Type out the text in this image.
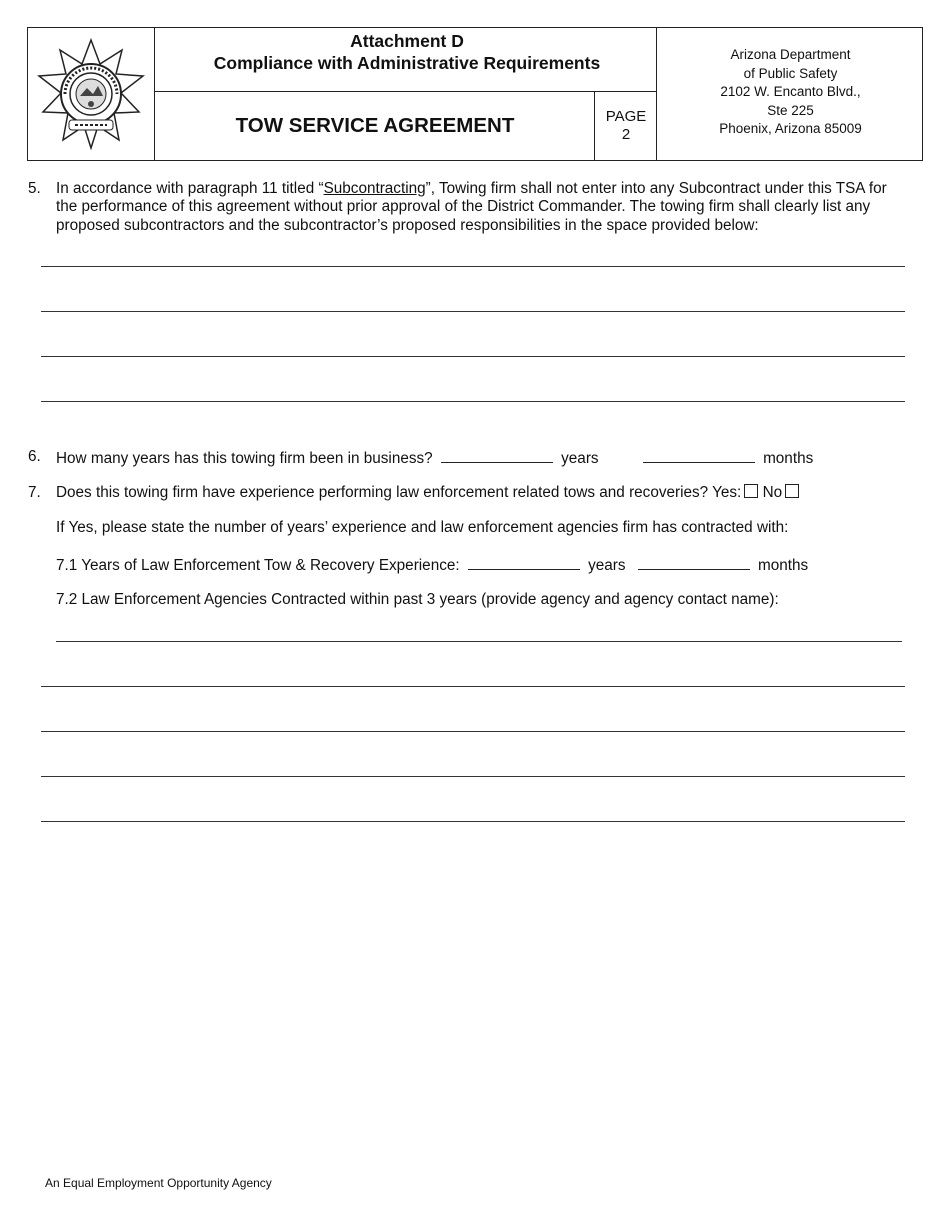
Attachment D
Compliance with Administrative Requirements
TOW SERVICE AGREEMENT	PAGE
2
Arizona Department
of Public Safety
2102 W. Encanto Blvd.,
Ste 225
Phoenix, Arizona 85009
5. In accordance with paragraph 11 titled “Subcontracting”, Towing firm shall not enter into any Subcontract under this TSA for the performance of this agreement without prior approval of the District Commander. The towing firm shall clearly list any proposed subcontractors and the subcontractor’s proposed responsibilities in the space provided below:
6. How many years has this towing firm been in business?	years	months
7. Does this towing firm have experience performing law enforcement related tows and recoveries? Yes: No
If Yes, please state the number of years’ experience and law enforcement agencies firm has contracted with:
7.1 Years of Law Enforcement Tow & Recovery Experience:	years	months
7.2 Law Enforcement Agencies Contracted within past 3 years (provide agency and agency contact name):
An Equal Employment Opportunity Agency
